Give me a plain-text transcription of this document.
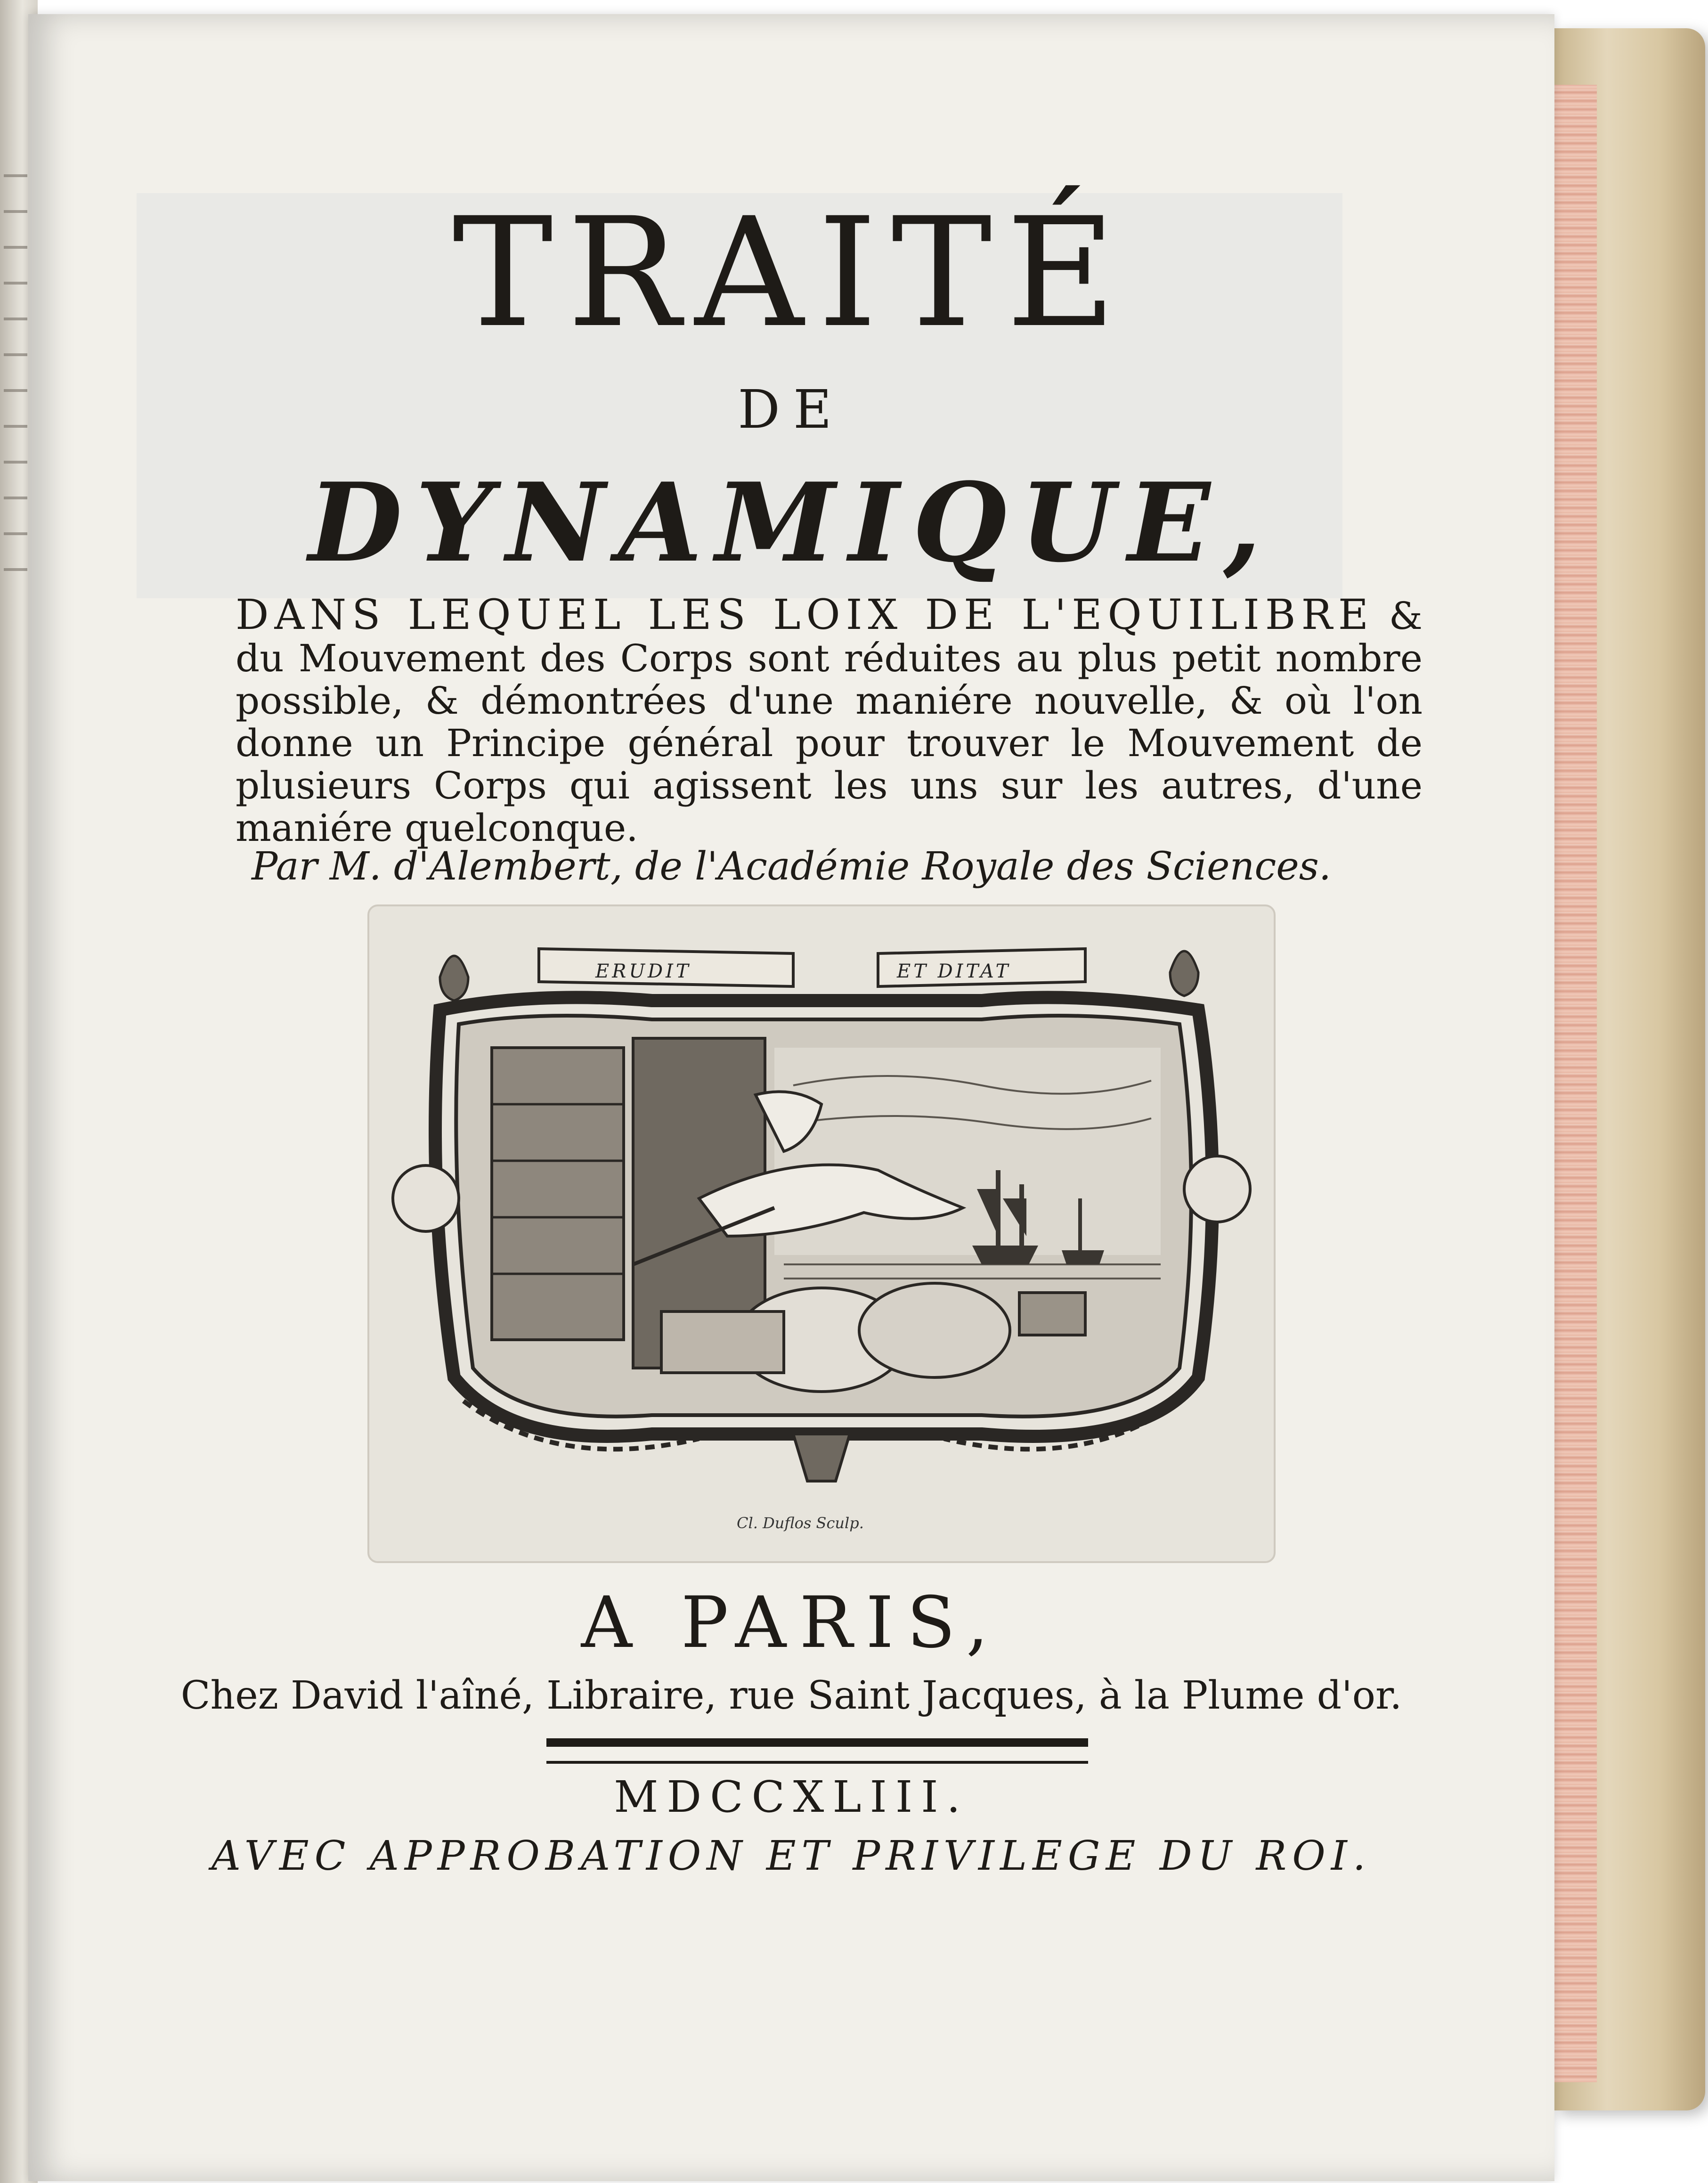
TRAITÉ
DE
DYNAMIQUE,
DANS LEQUEL LES LOIX DE L'EQUILIBRE & du Mouvement des Corps sont réduites au plus petit nombre possible, & démontrées d'une maniére nouvelle, & où l'on donne un Principe général pour trouver le Mouvement de plusieurs Corps qui agissent les uns sur les autres, d'une maniére quelconque.
Par M. d'Alembert, de l'Académie Royale des Sciences.
ERUDIT	ET DITAT
Cl. Duflos Sculp.
A PARIS,
Chez David l'aîné, Libraire, rue Saint Jacques, à la Plume d'or.
MDCCXLIII.
AVEC APPROBATION ET PRIVILEGE DU ROI.
